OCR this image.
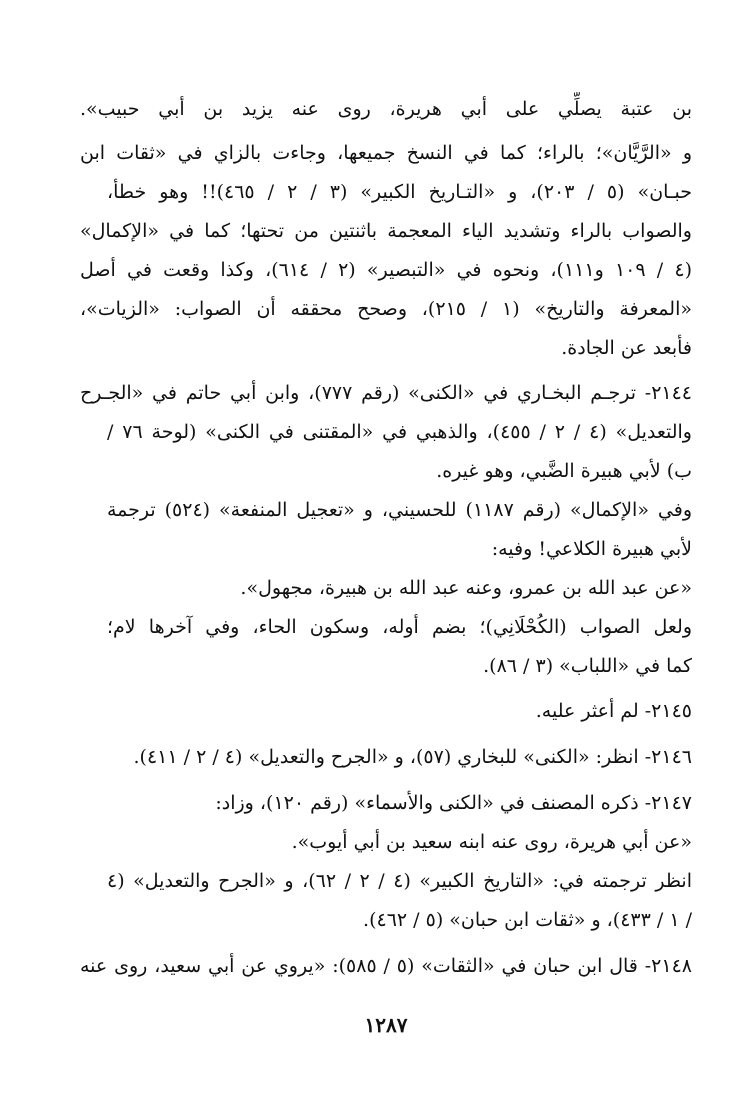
بن عتبة يصلِّي على أبي هريرة، روى عنه يزيد بن أبي حبيب».
و «الرَّيَّان»؛ بالراء؛ كما في النسخ جميعها، وجاءت بالزاي في «ثقات ابن
حبـان» (٥ / ٢٠٣)، و «التـاريخ الكبير» (٣ / ٢ / ٤٦٥)!! وهو خطأ،
والصواب بالراء وتشديد الياء المعجمة باثنتين من تحتها؛ كما في «الإكمال»
(٤ / ١٠٩ و١١١)، ونحوه في «التبصير» (٢ / ٦١٤)، وكذا وقعت في أصل
«المعرفة والتاريخ» (١ / ٢١٥)، وصحح محققه أن الصواب: «الزيات»،
فأبعد عن الجادة.
٢١٤٤- ترجـم البخـاري في «الكنى» (رقم ٧٧٧)، وابن أبي حاتم في «الجـرح
والتعديل» (٤ / ٢ / ٤٥٥)، والذهبي في «المقتنى في الكنى» (لوحة ٧٦ /
ب) لأبي هبيرة الضَّبي، وهو غيره.
وفي «الإكمال» (رقم ١١٨٧) للحسيني، و «تعجيل المنفعة» (٥٢٤) ترجمة
لأبي هبيرة الكلاعي! وفيه:
«عن عبد الله بن عمرو، وعنه عبد الله بن هبيرة، مجهول».
ولعل الصواب (الكُحْلَانِي)؛ بضم أوله، وسكون الحاء، وفي آخرها لام؛
كما في «اللباب» (٣ / ٨٦).
٢١٤٥- لم أعثر عليه.
٢١٤٦- انظر: «الكنى» للبخاري (٥٧)، و «الجرح والتعديل» (٤ / ٢ / ٤١١).
٢١٤٧- ذكره المصنف في «الكنى والأسماء» (رقم ١٢٠)، وزاد:
«عن أبي هريرة، روى عنه ابنه سعيد بن أبي أيوب».
انظر ترجمته في: «التاريخ الكبير» (٤ / ٢ / ٦٢)، و «الجرح والتعديل» (٤
/ ١ / ٤٣٣)، و «ثقات ابن حبان» (٥ / ٤٦٢).
٢١٤٨- قال ابن حبان في «الثقات» (٥ / ٥٨٥): «يروي عن أبي سعيد، روى عنه
١٢٨٧
